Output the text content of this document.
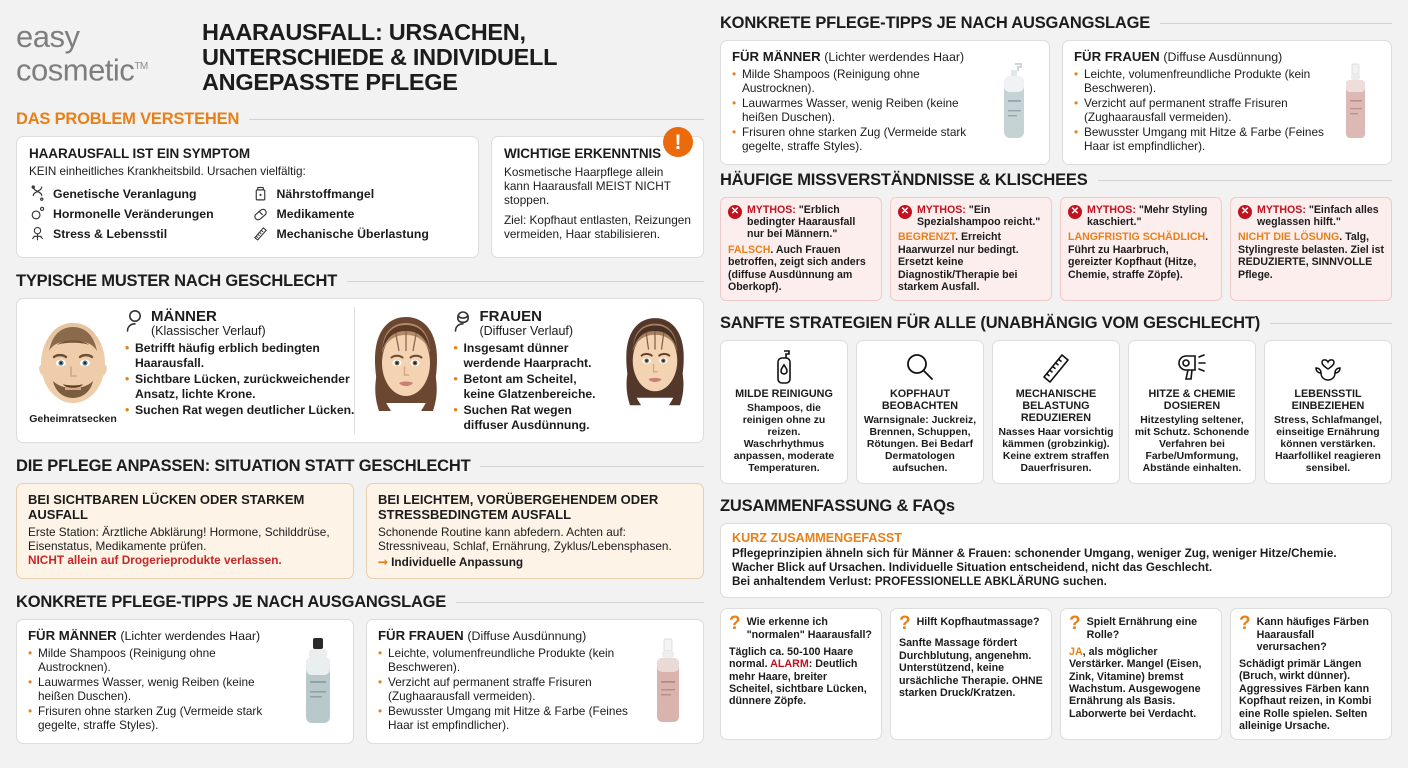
easy
cosmetic™
HAARAUSFALL: URSACHEN, UNTERSCHIEDE & INDIVIDUELL ANGEPASSTE PFLEGE
DAS PROBLEM VERSTEHEN
HAARAUSFALL IST EIN SYMPTOM
KEIN einheitliches Krankheitsbild. Ursachen vielfältig:
Genetische Veranlagung	Nährstoffmangel
Hormonelle Veränderungen	Medikamente
Stress & Lebensstil	Mechanische Überlastung
!
WICHTIGE ERKENNTNIS

Kosmetische Haarpflege allein kann Haarausfall MEIST NICHT stoppen.

Ziel: Kopfhaut entlasten, Reizungen vermeiden, Haar stabilisieren.

TYPISCHE MUSTER NACH GESCHLECHT
Geheimratsecken
MÄNNER
(Klassischer Verlauf)
• Betrifft häufig erblich bedingten Haarausfall.
• Sichtbare Lücken, zurückweichender Ansatz, lichte Krone.
• Suchen Rat wegen deutlicher Lücken.
FRAUEN
(Diffuser Verlauf)
• Insgesamt dünner werdende Haarpracht.
• Betont am Scheitel, keine Glatzenbereiche.
• Suchen Rat wegen diffuser Ausdünnung.
DIE PFLEGE ANPASSEN: SITUATION STATT GESCHLECHT
BEI SICHTBAREN LÜCKEN ODER STARKEM AUSFALL

Erste Station: Ärztliche Abklärung! Hormone, Schilddrüse, Eisenstatus, Medikamente prüfen.

NICHT allein auf Drogerieprodukte verlassen.

BEI LEICHTEM, VORÜBERGEHENDEM ODER STRESSBEDINGTEM AUSFALL

Schonende Routine kann abfedern. Achten auf: Stressniveau, Schlaf, Ernährung, Zyklus/Lebensphasen.

➞ Individuelle Anpassung
KONKRETE PFLEGE-TIPPS JE NACH AUSGANGSLAGE
FÜR MÄNNER (Lichter werdendes Haar)
• Milde Shampoos (Reinigung ohne Austrocknen).
• Lauwarmes Wasser, wenig Reiben (keine heißen Duschen).
• Frisuren ohne starken Zug (Vermeide stark gegelte, straffe Styles).
FÜR FRAUEN (Diffuse Ausdünnung)
• Leichte, volumenfreundliche Produkte (kein Beschweren).
• Verzicht auf permanent straffe Frisuren (Zughaarausfall vermeiden).
• Bewusster Umgang mit Hitze & Farbe (Feines Haar ist empfindlicher).
KONKRETE PFLEGE-TIPPS JE NACH AUSGANGSLAGE
FÜR MÄNNER (Lichter werdendes Haar)
• Milde Shampoos (Reinigung ohne Austrocknen).
• Lauwarmes Wasser, wenig Reiben (keine heißen Duschen).
• Frisuren ohne starken Zug (Vermeide stark gegelte, straffe Styles).
FÜR FRAUEN (Diffuse Ausdünnung)
• Leichte, volumenfreundliche Produkte (kein Beschweren).
• Verzicht auf permanent straffe Frisuren (Zughaarausfall vermeiden).
• Bewusster Umgang mit Hitze & Farbe (Feines Haar ist empfindlicher).
HÄUFIGE MISSVERSTÄNDNISSE & KLISCHEES
✕ MYTHOS: "Erblich bedingter Haarausfall nur bei Männern."
FALSCH. Auch Frauen betroffen, zeigt sich anders (diffuse Ausdünnung am Oberkopf).
✕ MYTHOS: "Ein Spezialshampoo reicht."
BEGRENZT. Erreicht Haarwurzel nur bedingt. Ersetzt keine Diagnostik/Therapie bei starkem Ausfall.
✕ MYTHOS: "Mehr Styling kaschiert."
LANGFRISTIG SCHÄDLICH. Führt zu Haarbruch, gereizter Kopfhaut (Hitze, Chemie, straffe Zöpfe).
✕ MYTHOS: "Einfach alles weglassen hilft."
NICHT DIE LÖSUNG. Talg, Stylingreste belasten. Ziel ist REDUZIERTE, SINNVOLLE Pflege.
SANFTE STRATEGIEN FÜR ALLE (UNABHÄNGIG VOM GESCHLECHT)
MILDE REINIGUNG

Shampoos, die reinigen ohne zu reizen. Waschrhythmus anpassen, moderate Temperaturen.

KOPFHAUT BEOBACHTEN

Warnsignale: Juckreiz, Brennen, Schuppen, Rötungen. Bei Bedarf Dermatologen aufsuchen.

MECHANISCHE BELASTUNG REDUZIEREN

Nasses Haar vorsichtig kämmen (grobzinkig). Keine extrem straffen Dauerfrisuren.

HITZE & CHEMIE DOSIEREN

Hitzestyling seltener, mit Schutz. Schonende Verfahren bei Farbe/Umformung, Abstände einhalten.

LEBENSSTIL EINBEZIEHEN

Stress, Schlafmangel, einseitige Ernährung können verstärken. Haarfollikel reagieren sensibel.

ZUSAMMENFASSUNG & FAQs
KURZ ZUSAMMENGEFASST

Pflegeprinzipien ähneln sich für Männer & Frauen: schonender Umgang, weniger Zug, weniger Hitze/Chemie.

Wacher Blick auf Ursachen. Individuelle Situation entscheidend, nicht das Geschlecht.

Bei anhaltendem Verlust: PROFESSIONELLE ABKLÄRUNG suchen.

? Wie erkenne ich "normalen" Haarausfall?
Täglich ca. 50-100 Haare normal. ALARM: Deutlich mehr Haare, breiter Scheitel, sichtbare Lücken, dünnere Zöpfe.
? Hilft Kopfhautmassage?
Sanfte Massage fördert Durchblutung, angenehm. Unterstützend, keine ursächliche Therapie. OHNE starken Druck/Kratzen.
? Spielt Ernährung eine Rolle?
JA, als möglicher Verstärker. Mangel (Eisen, Zink, Vitamine) bremst Wachstum. Ausgewogene Ernährung als Basis. Laborwerte bei Verdacht.
? Kann häufiges Färben Haarausfall verursachen?
Schädigt primär Längen (Bruch, wirkt dünner). Aggressives Färben kann Kopfhaut reizen, in Kombi eine Rolle spielen. Selten alleinige Ursache.
